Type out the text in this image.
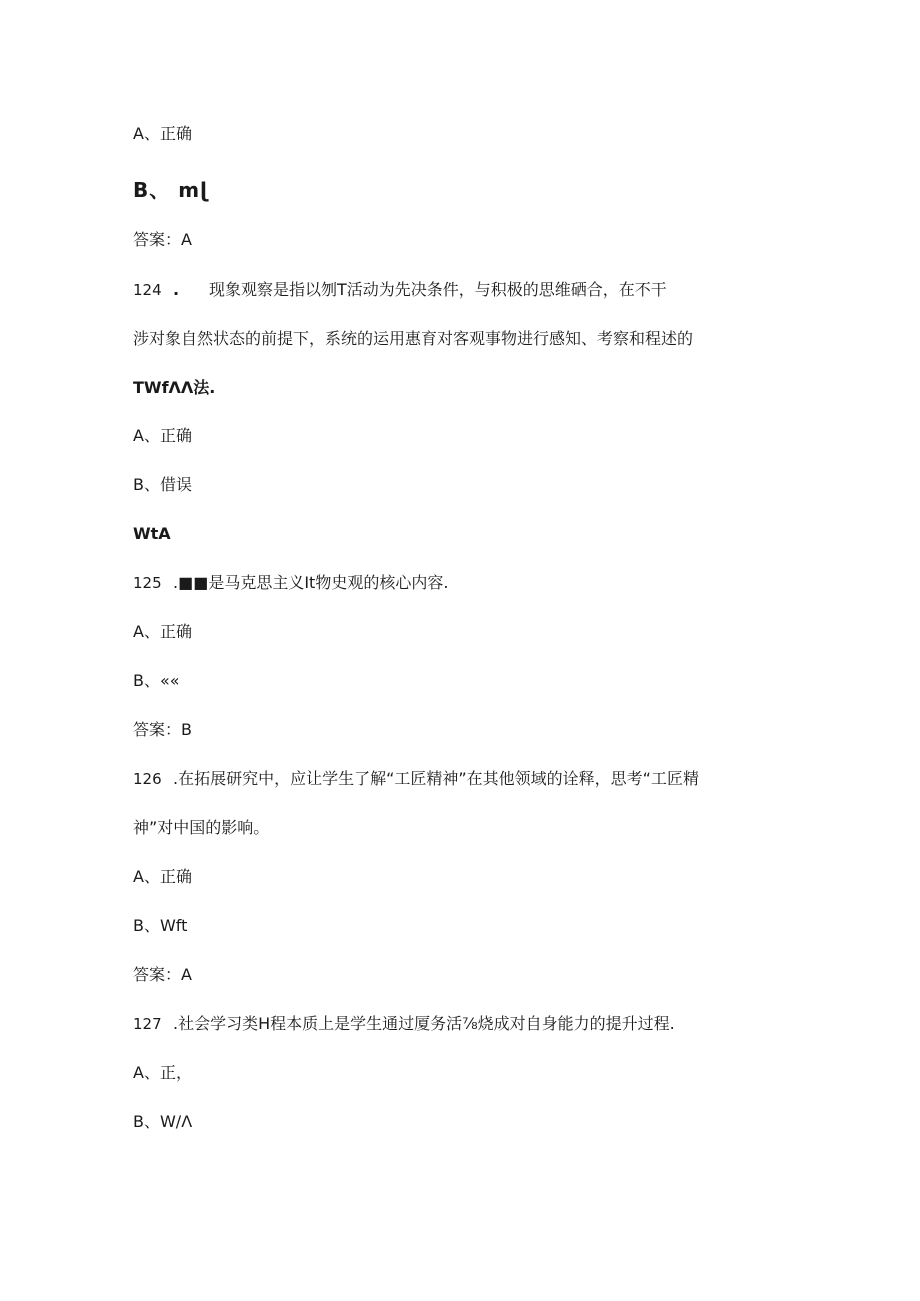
A、正确
B、 mɭ
答案：A
124 . 现象观察是指以刎T活动为先决条件，与积极的思维硒合，在不干
涉对象自然状态的前提下，系统的运用惠育对客观事物进行感知、考察和程述的
TWfΛΛ法.
A、正确
B、借误
WtA
125 .■■是马克思主义It物史观的核心内容.
A、正确
B、««
答案：B
126 .在拓展研究中，应让学生了解“工匠精神”在其他领域的诠释，思考“工匠精
神”对中国的影响。
A、正确
B、Wft
答案：A
127 .社会学习类H程本质上是学生通过厦务活⅞烧成对自身能力的提升过程.
A、正，
B、W∕Λ
